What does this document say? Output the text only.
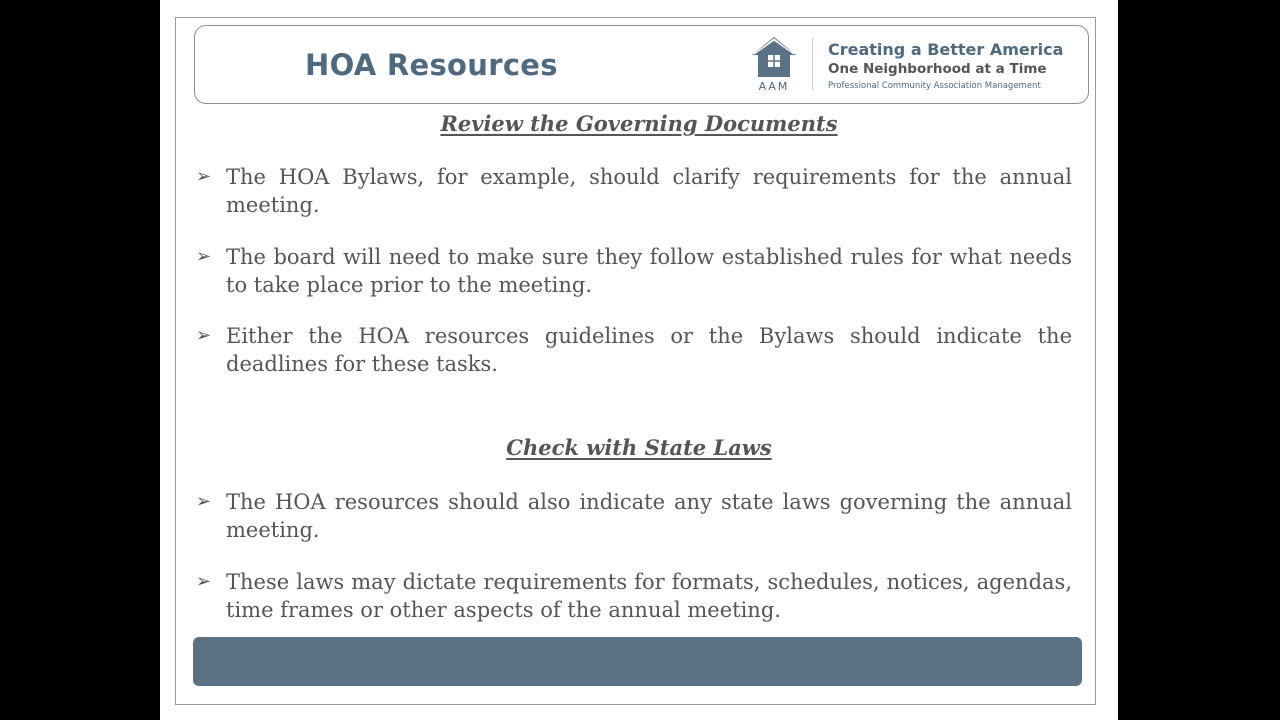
HOA Resources
AAM
Creating a Better America
One Neighborhood at a Time
Professional Community Association Management
Review the Governing Documents
➢ The HOA Bylaws, for example, should clarify requirements for the annual meeting.
➢ The board will need to make sure they follow established rules for what needs to take place prior to the meeting.
➢ Either the HOA resources guidelines or the Bylaws should indicate the deadlines for these tasks.
Check with State Laws
➢ The HOA resources should also indicate any state laws governing the annual meeting.
➢ These laws may dictate requirements for formats, schedules, notices, agendas, time frames or other aspects of the annual meeting.
